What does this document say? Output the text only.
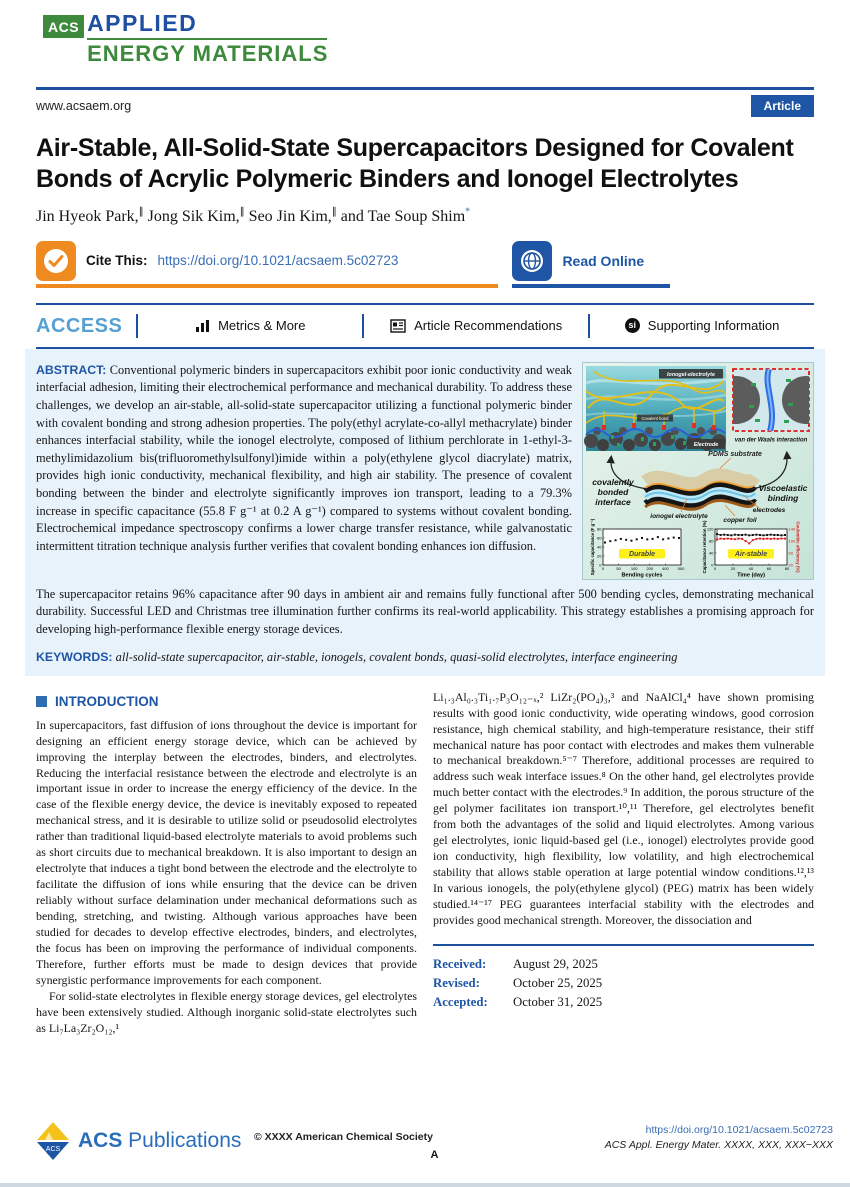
ACS APPLIED
ENERGY MATERIALS
www.acsaem.org	Article
Air-Stable, All-Solid-State Supercapacitors Designed for Covalent Bonds of Acrylic Polymeric Binders and Ionogel Electrolytes
Jin Hyeok Park,∥ Jong Sik Kim,∥ Seo Jin Kim,∥ and Tae Soup Shim*
Cite This: https://doi.org/10.1021/acsaem.5c02723	Read Online
ACCESS	Metrics & More	Article Recommendations	si Supporting Information
ABSTRACT: Conventional polymeric binders in supercapacitors exhibit poor ionic conductivity and weak interfacial adhesion, limiting their electrochemical performance and mechanical durability. To address these challenges, we develop an air-stable, all-solid-state supercapacitor utilizing a functional polymeric binder with covalent bonding and strong adhesion properties. The poly(ethyl acrylate-co-allyl methacrylate) binder enhances interfacial stability, while the ionogel electrolyte, composed of lithium perchlorate in 1-ethyl-3-methylimidazolium bis(trifluoromethylsulfonyl)imide within a poly(ethylene glycol diacrylate) matrix, provides high ionic conductivity, mechanical flexibility, and high air stability. The presence of covalent bonding between the binder and electrolyte significantly improves ion transport, leading to a 79.3% increase in specific capacitance (55.8 F g⁻¹ at 0.2 A g⁻¹) compared to systems without covalent bonding. Electrochemical impedance spectroscopy confirms a lower charge transfer resistance, while galvanostatic intermittent titration technique analysis further verifies that covalent bonding enhances ion diffusion.
Ionogel-electrolyte
Covalent bond
Electrode
van der Waals interaction
PDMS substrate
covalently
bonded
interface
Viscoelastic
binding
ionogel electrolyte
electrodes
copper foil
0	50	100 200 400 500
0
20
40
60
80
Durable
Bending cycles
Specific capacitance (F g⁻¹)	0	20	40	60	80
0
40
80
120
20
60
100
140
Air-stable
Time (day)
Capacitance retention (%)	Coulombic efficiency (%)
The supercapacitor retains 96% capacitance after 90 days in ambient air and remains fully functional after 500 bending cycles, demonstrating mechanical durability. Successful LED and Christmas tree illumination further confirms its real-world applicability. This strategy establishes a promising approach for developing high-performance flexible energy storage devices.
KEYWORDS: all-solid-state supercapacitor, air-stable, ionogels, covalent bonds, quasi-solid electrolytes, interface engineering
INTRODUCTION

In supercapacitors, fast diffusion of ions throughout the device is important for designing an efficient energy storage device, which can be achieved by improving the interplay between the electrodes, binders, and electrolytes. Reducing the interfacial resistance between the electrode and electrolyte is an important issue in order to increase the energy efficiency of the device. In the case of the flexible energy device, the device is inevitably exposed to repeated mechanical stress, and it is desirable to utilize solid or pseudosolid electrolytes rather than traditional liquid-based electrolyte materials to avoid problems such as short circuits due to mechanical breakdown. It is also important to design an electrolyte that induces a tight bond between the electrode and the electrolyte to facilitate the diffusion of ions while ensuring that the device can be driven reliably without surface delamination under mechanical deformations such as bending, stretching, and twisting. Although various approaches have been studied for decades to develop effective electrodes, binders, and electrolytes, the focus has been on improving the performance of individual components. Therefore, further efforts must be made to design devices that provide synergistic performance improvements for each component.

For solid-state electrolytes in flexible energy storage devices, gel electrolytes have been extensively studied. Although inorganic solid-state electrolytes such as Li₇La₃Zr₂O₁₂,¹

Li₁.₃Al₀.₃Ti₁.₇P₃O₁₂₋ₓ,² LiZr₂(PO₄)₃,³ and NaAlCl₄⁴ have shown promising results with good ionic conductivity, wide operating windows, good corrosion resistance, high chemical stability, and high-temperature resistance, their stiff mechanical nature has poor contact with electrodes and makes them vulnerable to mechanical breakdown.⁵⁻⁷ Therefore, additional processes are required to address such weak interface issues.⁸ On the other hand, gel electrolytes provide much better contact with the electrodes.⁹ In addition, the porous structure of the gel polymer facilitates ion transport.¹⁰,¹¹ Therefore, gel electrolytes benefit from both the advantages of the solid and liquid electrolytes. Among various gel electrolytes, ionic liquid-based gel (i.e., ionogel) electrolytes provide good ion conductivity, high flexibility, low volatility, and high electrochemical stability that allows stable operation at large potential window conditions.¹²,¹³ In various ionogels, the poly(ethylene glycol) (PEG) matrix has been widely studied.¹⁴⁻¹⁷ PEG guarantees interfacial stability with the electrodes and provides good mechanical strength. Moreover, the dissociation and

Received:	August 29, 2025
Revised:	October 25, 2025
Accepted:	October 31, 2025
ACS ACS Publications © XXXX American Chemical Society
A
https://doi.org/10.1021/acsaem.5c02723
ACS Appl. Energy Mater. XXXX, XXX, XXX−XXX
